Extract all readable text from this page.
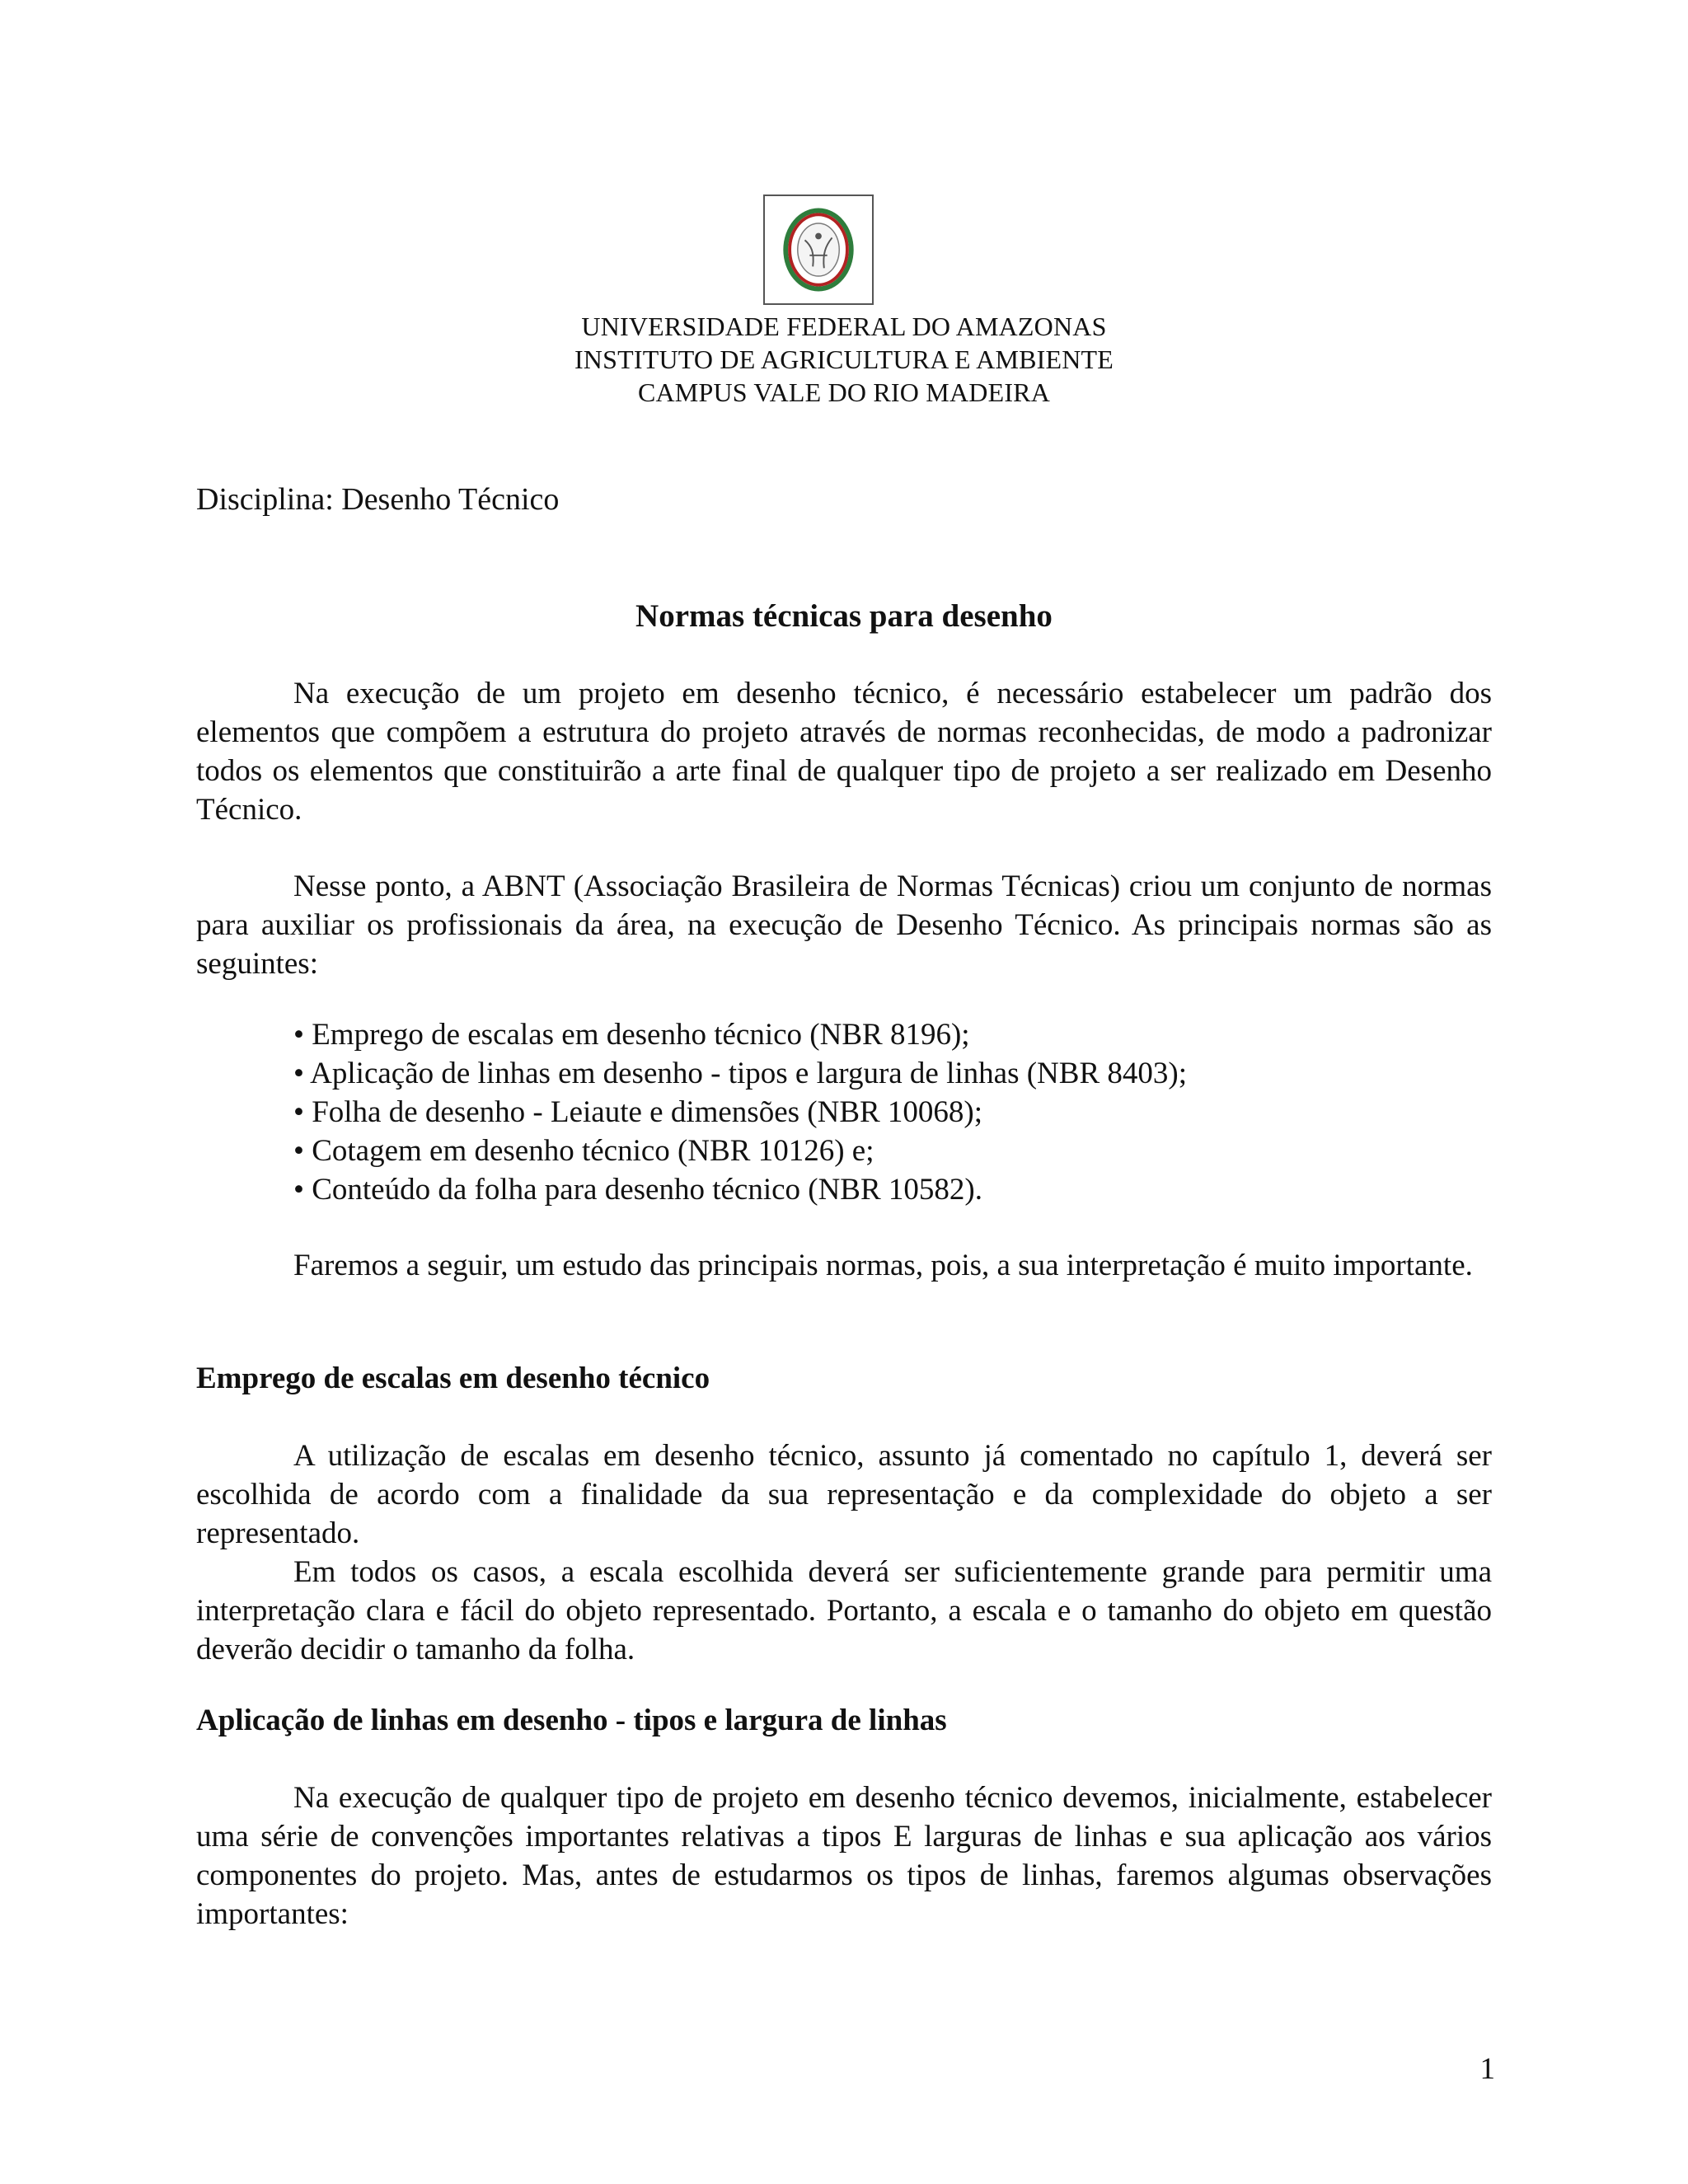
UNIVERSIDADE FEDERAL DO AMAZONAS
INSTITUTO DE AGRICULTURA E AMBIENTE
CAMPUS VALE DO RIO MADEIRA
Disciplina: Desenho Técnico
Normas técnicas para desenho

Na execução de um projeto em desenho técnico, é necessário estabelecer um padrão dos elementos que compõem a estrutura do projeto através de normas reconhecidas, de modo a padronizar todos os elementos que constituirão a arte final de qualquer tipo de projeto a ser realizado em Desenho Técnico.

Nesse ponto, a ABNT (Associação Brasileira de Normas Técnicas) criou um conjunto de normas para auxiliar os profissionais da área, na execução de Desenho Técnico. As principais normas são as seguintes:

• Emprego de escalas em desenho técnico (NBR 8196);
• Aplicação de linhas em desenho - tipos e largura de linhas (NBR 8403);
• Folha de desenho - Leiaute e dimensões (NBR 10068);
• Cotagem em desenho técnico (NBR 10126) e;
• Conteúdo da folha para desenho técnico (NBR 10582).

Faremos a seguir, um estudo das principais normas, pois, a sua interpretação é muito importante.

Emprego de escalas em desenho técnico

A utilização de escalas em desenho técnico, assunto já comentado no capítulo 1, deverá ser escolhida de acordo com a finalidade da sua representação e da complexidade do objeto a ser representado.

Em todos os casos, a escala escolhida deverá ser suficientemente grande para permitir uma interpretação clara e fácil do objeto representado. Portanto, a escala e o tamanho do objeto em questão deverão decidir o tamanho da folha.

Aplicação de linhas em desenho - tipos e largura de linhas

Na execução de qualquer tipo de projeto em desenho técnico devemos, inicialmente, estabelecer uma série de convenções importantes relativas a tipos E larguras de linhas e sua aplicação aos vários componentes do projeto. Mas, antes de estudarmos os tipos de linhas, faremos algumas observações importantes:

1
